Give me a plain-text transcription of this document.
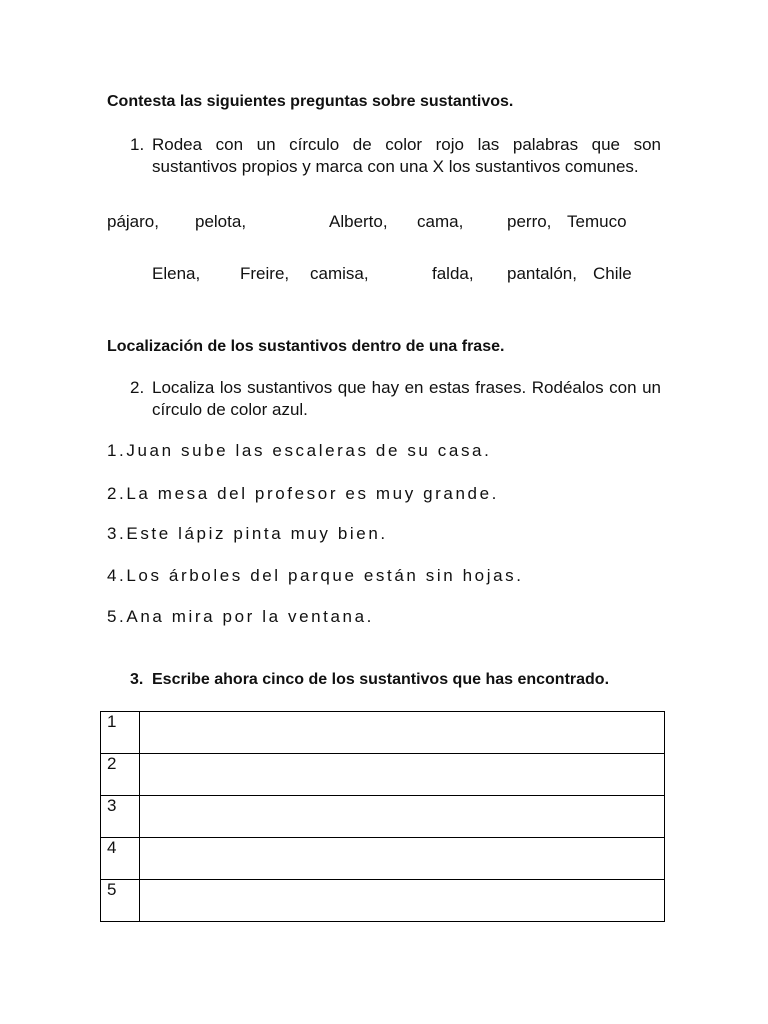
Contesta las siguientes preguntas sobre sustantivos.

1. Rodea con un círculo de color rojo las palabras que son sustantivos propios y marca con una X los sustantivos comunes.

pájaro, pelota,	Alberto, cama,	perro, Temuco
Elena, Freire, camisa,	falda, pantalón, Chile

Localización de los sustantivos dentro de una frase.

2. Localiza los sustantivos que hay en estas frases. Rodéalos con un círculo de color azul.

1.Juan sube las escaleras de su casa.

2.La mesa del profesor es muy grande.

3.Este lápiz pinta muy bien.

4.Los árboles del parque están sin hojas.

5.Ana mira por la ventana.

3. Escribe ahora cinco de los sustantivos que has encontrado.

1	
2	
3	
4	
5	
